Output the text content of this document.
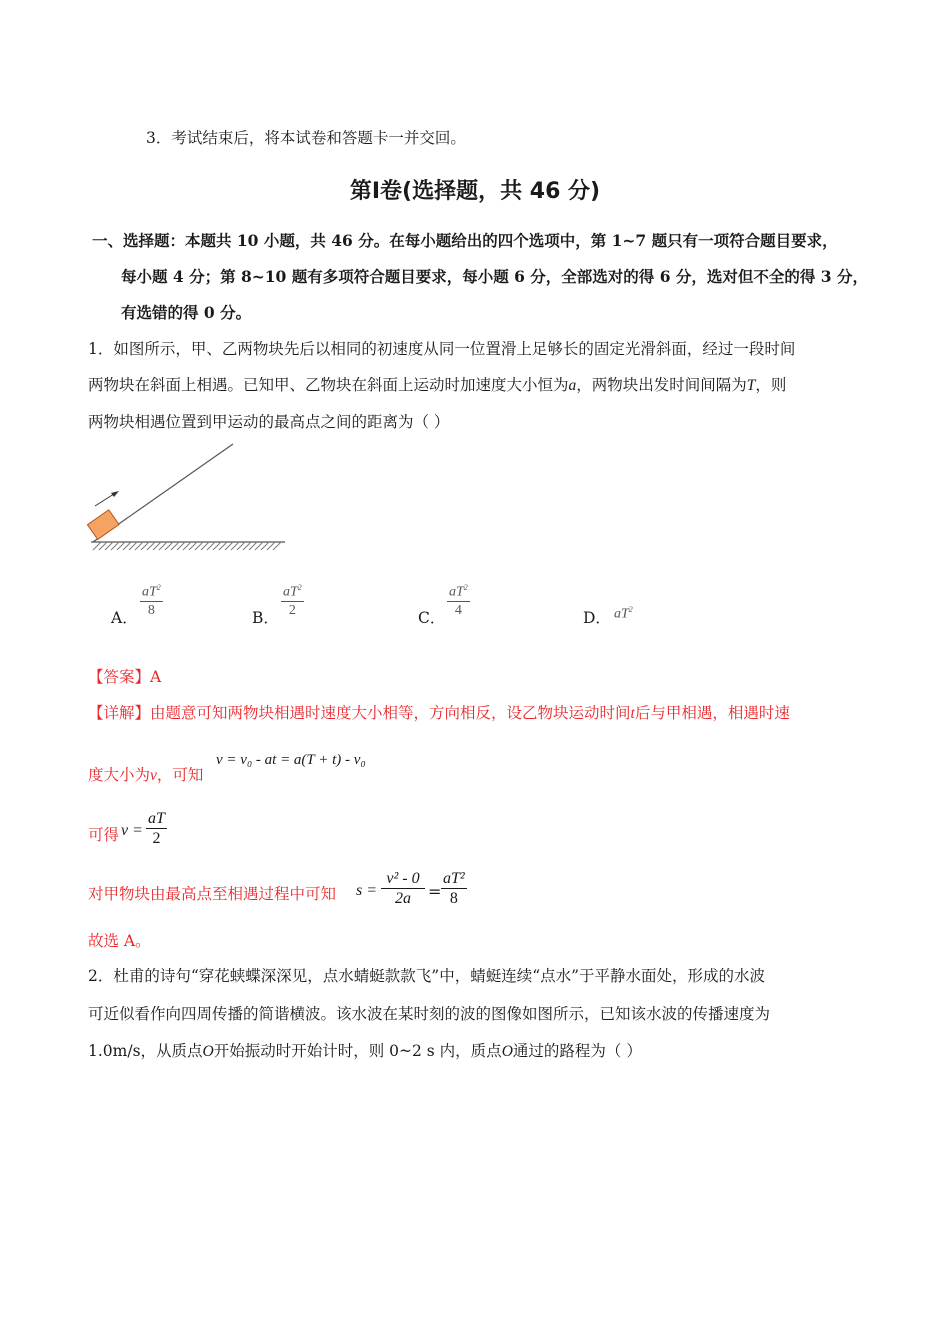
3．考试结束后，将本试卷和答题卡一并交回。
第Ⅰ卷(选择题，共 46 分)
一、选择题：本题共 10 小题，共 46 分。在每小题给出的四个选项中，第 1~7 题只有一项符合题目要求，
每小题 4 分；第 8~10 题有多项符合题目要求，每小题 6 分，全部选对的得 6 分，选对但不全的得 3 分，
有选错的得 0 分。
1．如图所示，甲、乙两物块先后以相同的初速度从同一位置滑上足够长的固定光滑斜面，经过一段时间
两物块在斜面上相遇。已知甲、乙物块在斜面上运动时加速度大小恒为a，两物块出发时间间隔为T，则
两物块相遇位置到甲运动的最高点之间的距离为（ ）
A． $\frac{aT^2}{8}$	B． $\frac{aT^2}{2}$	C． $\frac{aT^2}{4}$	D． $aT^2$
【答案】A
【详解】由题意可知两物块相遇时速度大小相等，方向相反，设乙物块运动时间t后与甲相遇，相遇时速
度大小为v，可知
v = v₀ - at = a(T + t) - v₀
可得 $v = \frac{aT}{2}$
对甲物块由最高点至相遇过程中可知 $s = \frac{\text{v² - 0}}{2a} = \frac{\text{aT²}}{8}$
故选 A。
2．杜甫的诗句“穿花蛱蝶深深见，点水蜻蜓款款飞”中，蜻蜓连续“点水”于平静水面处，形成的水波
可近似看作向四周传播的简谐横波。该水波在某时刻的波的图像如图所示，已知该水波的传播速度为
1.0m/s，从质点O开始振动时开始计时，则 0~2 s 内，质点O通过的路程为（ ）
